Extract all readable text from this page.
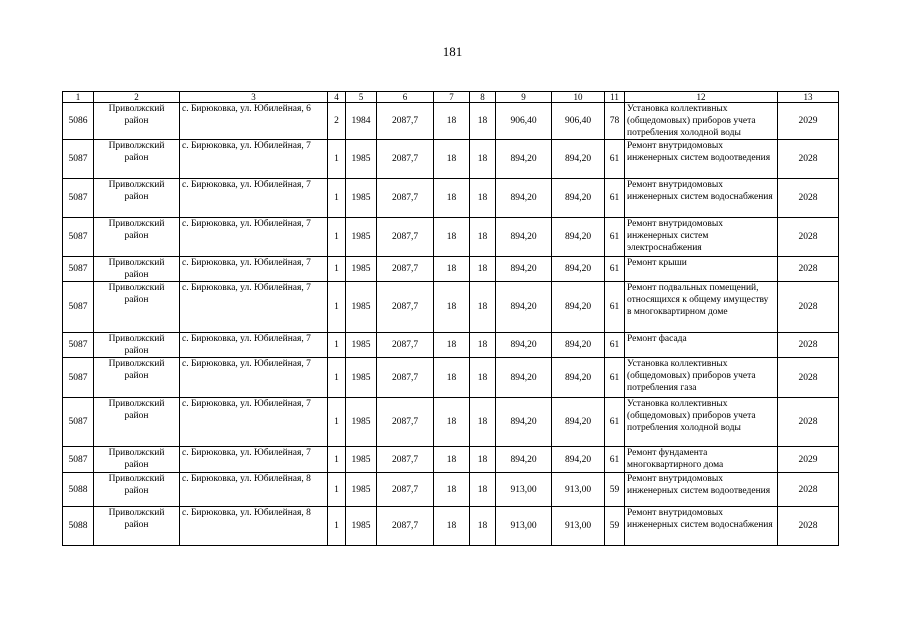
181
1	2	3	4	5	6	7	8	9	10	11	12	13
5086	Приволжский район	с. Бирюковка, ул. Юбилейная, 6	2	1984	2087,7	18	18	906,40	906,40	78	Установка коллективных (общедомовых) приборов учета потребления холодной воды	2029
5087	Приволжский район	с. Бирюковка, ул. Юбилейная, 7	1	1985	2087,7	18	18	894,20	894,20	61	Ремонт внутридомовых инженерных систем водоотведения	2028
5087	Приволжский район	с. Бирюковка, ул. Юбилейная, 7	1	1985	2087,7	18	18	894,20	894,20	61	Ремонт внутридомовых инженерных систем водоснабжения	2028
5087	Приволжский район	с. Бирюковка, ул. Юбилейная, 7	1	1985	2087,7	18	18	894,20	894,20	61	Ремонт внутридомовых инженерных систем электроснабжения	2028
5087	Приволжский район	с. Бирюковка, ул. Юбилейная, 7	1	1985	2087,7	18	18	894,20	894,20	61	Ремонт крыши	2028
5087	Приволжский район	с. Бирюковка, ул. Юбилейная, 7	1	1985	2087,7	18	18	894,20	894,20	61	Ремонт подвальных помещений, относящихся к общему имуществу в многоквартирном доме	2028
5087	Приволжский район	с. Бирюковка, ул. Юбилейная, 7	1	1985	2087,7	18	18	894,20	894,20	61	Ремонт фасада	2028
5087	Приволжский район	с. Бирюковка, ул. Юбилейная, 7	1	1985	2087,7	18	18	894,20	894,20	61	Установка коллективных (общедомовых) приборов учета потребления газа	2028
5087	Приволжский район	с. Бирюковка, ул. Юбилейная, 7	1	1985	2087,7	18	18	894,20	894,20	61	Установка коллективных (общедомовых) приборов учета потребления холодной воды	2028
5087	Приволжский район	с. Бирюковка, ул. Юбилейная, 7	1	1985	2087,7	18	18	894,20	894,20	61	Ремонт фундамента многоквартирного дома	2029
5088	Приволжский район	с. Бирюковка, ул. Юбилейная, 8	1	1985	2087,7	18	18	913,00	913,00	59	Ремонт внутридомовых инженерных систем водоотведения	2028
5088	Приволжский район	с. Бирюковка, ул. Юбилейная, 8	1	1985	2087,7	18	18	913,00	913,00	59	Ремонт внутридомовых инженерных систем водоснабжения	2028
